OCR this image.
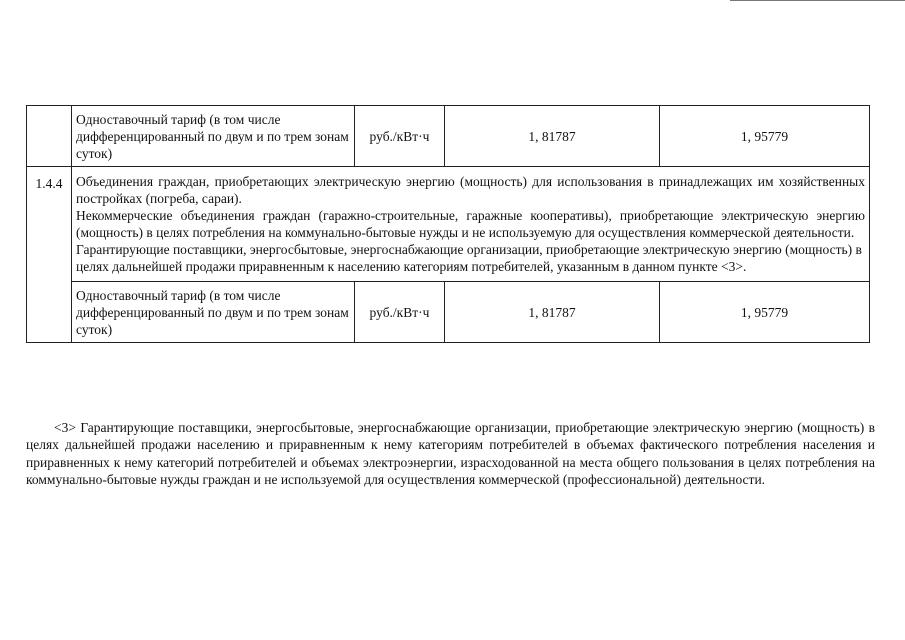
	Одноставочный тариф (в том числе дифференцированный по двум и по трем зонам суток)	руб./кВт·ч	1, 81787	1, 95779
1.4.4	Объединения граждан, приобретающих электрическую энергию (мощность) для использования в принадлежащих им хозяйственных постройках (погреба, сараи).

Некоммерческие объединения граждан (гаражно-строительные, гаражные кооперативы), приобретающие электрическую энергию (мощность) в целях потребления на коммунально-бытовые нужды и не используемую для осуществления коммерческой деятельности.

Гарантирующие поставщики, энергосбытовые, энергоснабжающие организации, приобретающие электрическую энергию (мощность) в целях дальнейшей продажи приравненным к населению категориям потребителей, указанным в данном пункте <3>.			

	Одноставочный тариф (в том числе дифференцированный по двум и по трем зонам суток)	руб./кВт·ч	1, 81787	1, 95779

<3> Гарантирующие поставщики, энергосбытовые, энергоснабжающие организации, приобретающие электрическую энергию (мощность) в целях дальнейшей продажи населению и приравненным к нему категориям потребителей в объемах фактического потребления населения и приравненных к нему категорий потребителей и объемах электроэнергии, израсходованной на места общего пользования в целях потребления на коммунально-бытовые нужды граждан и не используемой для осуществления коммерческой (профессиональной) деятельности.
